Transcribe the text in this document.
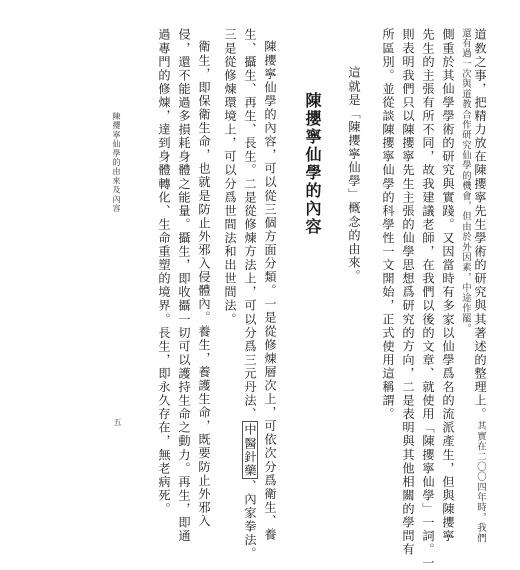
道教之事，把精力放在陳攖寧先生學術的研究與其著述的整理上。其實在二〇〇四年時，我們
還有過一次與道教合作研究仙學的機會，但由於外因素，中途作罷。
側重於其仙學學術的研究與實踐。又因當時有多家以仙學爲名的流派產生，但與陳攖寧
先生的主張有所不同，故我建議老師，在我們以後的文章、就使用「陳攖寧仙學」一詞。一
則表明我們只以陳攖寧先生主張的仙學思想爲研究的方向，二是表明與其他相關的學問有
所區別。並從談陳攖寧仙學的科學性一文開始，正式使用這稱謂。
這就是「陳攖寧仙學」概念的由來。
陳攖寧仙學的內容
陳攖寧仙學的內容，可以從三個方面分類。一是從修煉層次上，可依次分爲衛生、養
生、攝生、再生、長生。二是從修煉方法上，可以分爲三元丹法、中醫針藥、內家拳法。
三是從修煉環境上，可以分爲世間法和出世間法。
衛生，即保衛生命，也就是防止外邪入侵體內。養生，養護生命，既要防止外邪入
侵，還不能過多損耗身體之能量。攝生，即收攝一切可以護持生命之動力。再生，即通
過專門的修煉，達到身體轉化、生命重塑的境界。長生，即永久存在，無老病死。
陳攖寧仙學的由來及內容
五
